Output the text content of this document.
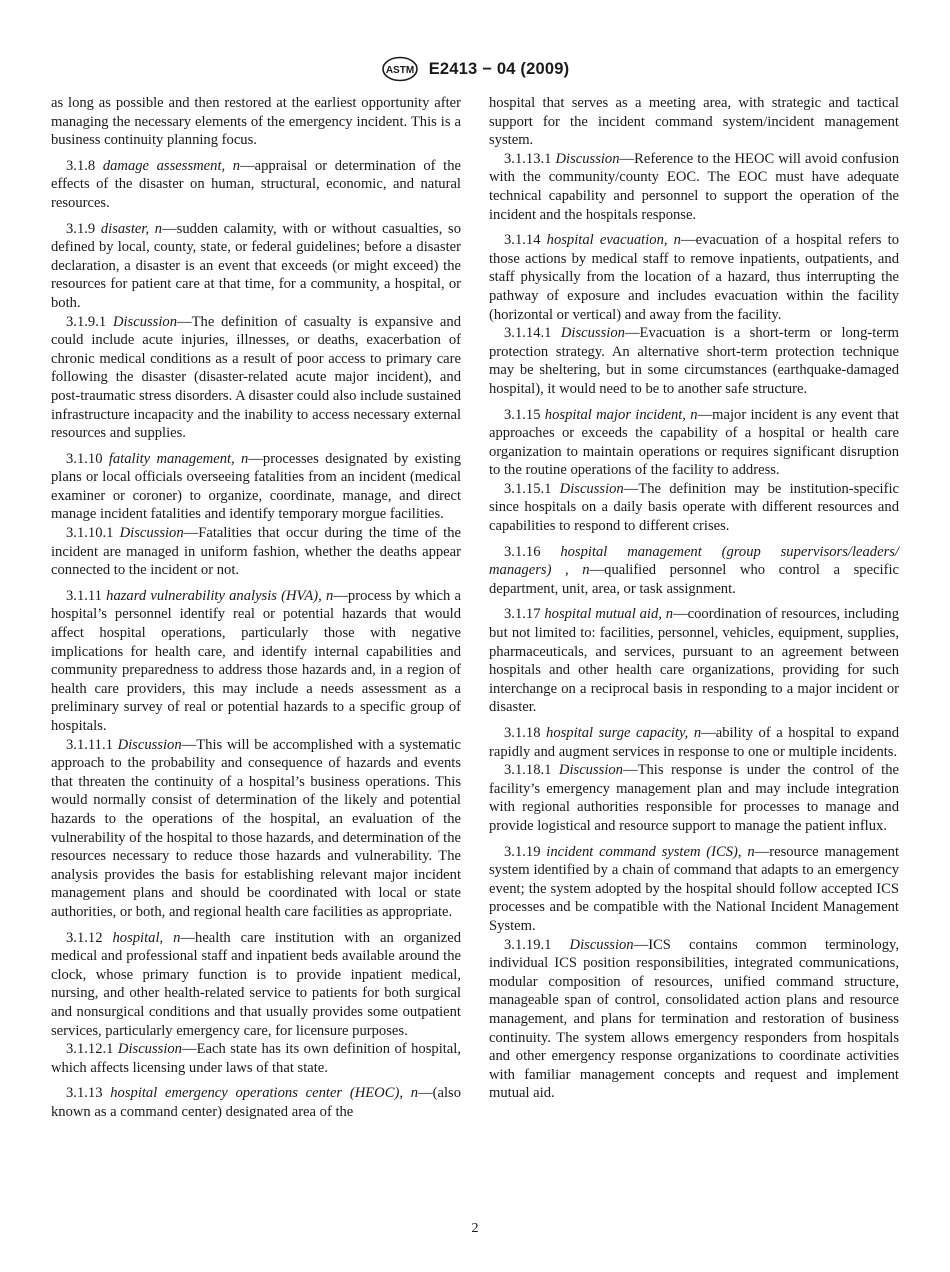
ASTM E2413 − 04 (2009)

as long as possible and then restored at the earliest opportunity after managing the necessary elements of the emergency incident. This is a business continuity planning focus.

3.1.8 damage assessment, n—appraisal or determination of the effects of the disaster on human, structural, economic, and natural resources.

3.1.9 disaster, n—sudden calamity, with or without casualties, so defined by local, county, state, or federal guidelines; before a disaster declaration, a disaster is an event that exceeds (or might exceed) the resources for patient care at that time, for a community, a hospital, or both.

3.1.9.1 Discussion—The definition of casualty is expansive and could include acute injuries, illnesses, or deaths, exacerbation of chronic medical conditions as a result of poor access to primary care following the disaster (disaster-related acute major incident), and post-traumatic stress disorders. A disaster could also include sustained infrastructure incapacity and the inability to access necessary external resources and supplies.

3.1.10 fatality management, n—processes designated by existing plans or local officials overseeing fatalities from an incident (medical examiner or coroner) to organize, coordinate, manage, and direct manage incident fatalities and identify temporary morgue facilities.

3.1.10.1 Discussion—Fatalities that occur during the time of the incident are managed in uniform fashion, whether the deaths appear connected to the incident or not.

3.1.11 hazard vulnerability analysis (HVA), n—process by which a hospital’s personnel identify real or potential hazards that would affect hospital operations, particularly those with negative implications for health care, and identify internal capabilities and community preparedness to address those hazards and, in a region of health care providers, this may include a needs assessment as a preliminary survey of real or potential hazards to a specific group of hospitals.

3.1.11.1 Discussion—This will be accomplished with a systematic approach to the probability and consequence of hazards and events that threaten the continuity of a hospital’s business operations. This would normally consist of determination of the likely and potential hazards to the operations of the hospital, an evaluation of the vulnerability of the hospital to those hazards, and determination of the resources necessary to reduce those hazards and vulnerability. The analysis provides the basis for establishing relevant major incident management plans and should be coordinated with local or state authorities, or both, and regional health care facilities as appropriate.

3.1.12 hospital, n—health care institution with an organized medical and professional staff and inpatient beds available around the clock, whose primary function is to provide inpatient medical, nursing, and other health-related service to patients for both surgical and nonsurgical conditions and that usually provides some outpatient services, particularly emergency care, for licensure purposes.

3.1.12.1 Discussion—Each state has its own definition of hospital, which affects licensing under laws of that state.

3.1.13 hospital emergency operations center (HEOC), n—(also known as a command center) designated area of the

hospital that serves as a meeting area, with strategic and tactical support for the incident command system/incident management system.

3.1.13.1 Discussion—Reference to the HEOC will avoid confusion with the community/county EOC. The EOC must have adequate technical capability and personnel to support the operation of the incident and the hospitals response.

3.1.14 hospital evacuation, n—evacuation of a hospital refers to those actions by medical staff to remove inpatients, outpatients, and staff physically from the location of a hazard, thus interrupting the pathway of exposure and includes evacuation within the facility (horizontal or vertical) and away from the facility.

3.1.14.1 Discussion—Evacuation is a short-term or long-term protection strategy. An alternative short-term protection technique may be sheltering, but in some circumstances (earthquake-damaged hospital), it would need to be to another safe structure.

3.1.15 hospital major incident, n—major incident is any event that approaches or exceeds the capability of a hospital or health care organization to maintain operations or requires significant disruption to the routine operations of the facility to address.

3.1.15.1 Discussion—The definition may be institution-specific since hospitals on a daily basis operate with different resources and capabilities to respond to different crises.

3.1.16 hospital management (group supervisors/leaders/ managers) , n—qualified personnel who control a specific department, unit, area, or task assignment.

3.1.17 hospital mutual aid, n—coordination of resources, including but not limited to: facilities, personnel, vehicles, equipment, supplies, pharmaceuticals, and services, pursuant to an agreement between hospitals and other health care organizations, providing for such interchange on a reciprocal basis in responding to a major incident or disaster.

3.1.18 hospital surge capacity, n—ability of a hospital to expand rapidly and augment services in response to one or multiple incidents.

3.1.18.1 Discussion—This response is under the control of the facility’s emergency management plan and may include integration with regional authorities responsible for processes to manage and provide logistical and resource support to manage the patient influx.

3.1.19 incident command system (ICS), n—resource management system identified by a chain of command that adapts to an emergency event; the system adopted by the hospital should follow accepted ICS processes and be compatible with the National Incident Management System.

3.1.19.1 Discussion—ICS contains common terminology, individual ICS position responsibilities, integrated communications, modular composition of resources, unified command structure, manageable span of control, consolidated action plans and resource management, and plans for termination and restoration of business continuity. The system allows emergency responders from hospitals and other emergency response organizations to coordinate activities with familiar management concepts and request and implement mutual aid.

2
